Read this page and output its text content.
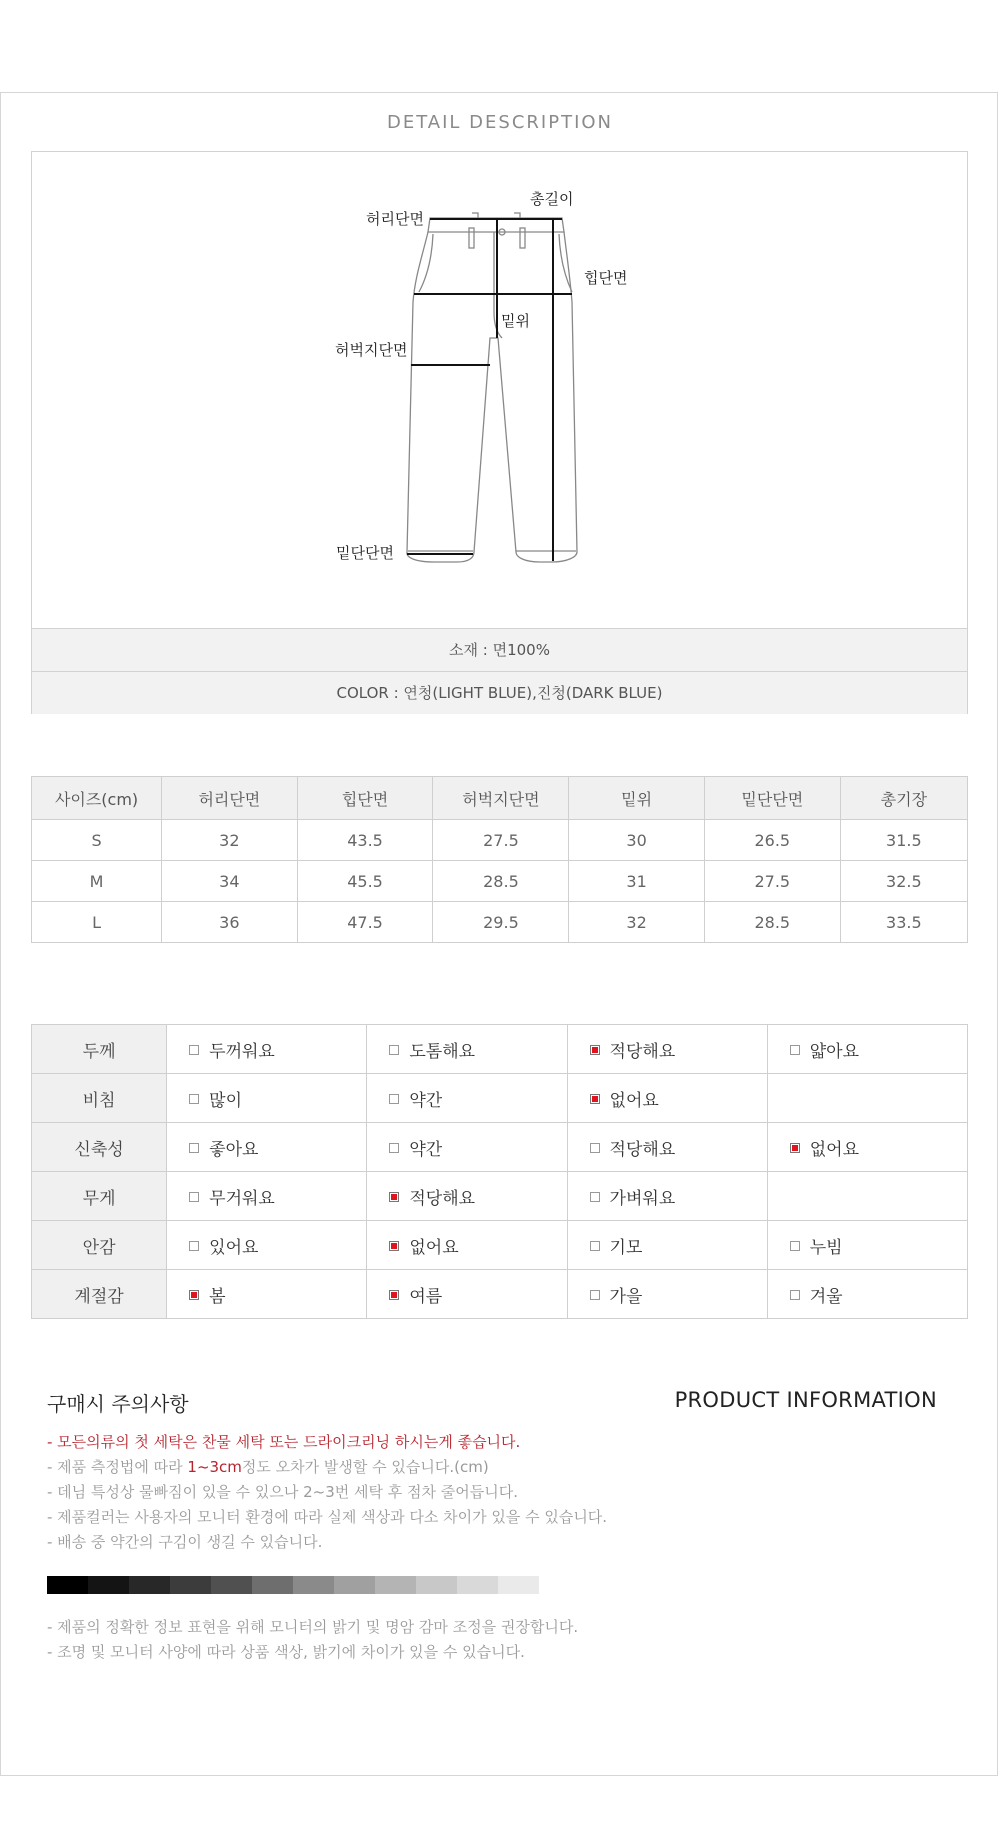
DETAIL DESCRIPTION
허리단면
총길이
힙단면
밑위
허벅지단면
밑단단면
소재 : 면100%
COLOR : 연청(LIGHT BLUE),진청(DARK BLUE)
사이즈(cm)	허리단면	힙단면	허벅지단면	밑위	밑단단면	총기장
S	32	43.5	27.5	30	26.5	31.5
M	34	45.5	28.5	31	27.5	32.5
L	36	47.5	29.5	32	28.5	33.5
두께	두꺼워요	도톰해요	적당해요	얇아요
비침	많이	약간	없어요	
신축성	좋아요	약간	적당해요	없어요
무게	무거워요	적당해요	가벼워요	
안감	있어요	없어요	기모	누빔
계절감	봄	여름	가을	겨울
구매시 주의사항	PRODUCT INFORMATION
- 모든의류의 첫 세탁은 찬물 세탁 또는 드라이크리닝 하시는게 좋습니다.
- 제품 측정법에 따라 1~3cm정도 오차가 발생할 수 있습니다.(cm)
- 데님 특성상 물빠짐이 있을 수 있으나 2~3번 세탁 후 점차 줄어듭니다.
- 제품컬러는 사용자의 모니터 환경에 따라 실제 색상과 다소 차이가 있을 수 있습니다.
- 배송 중 약간의 구김이 생길 수 있습니다.
- 제품의 정확한 정보 표현을 위해 모니터의 밝기 및 명암 감마 조정을 권장합니다.
- 조명 및 모니터 사양에 따라 상품 색상, 밝기에 차이가 있을 수 있습니다.
